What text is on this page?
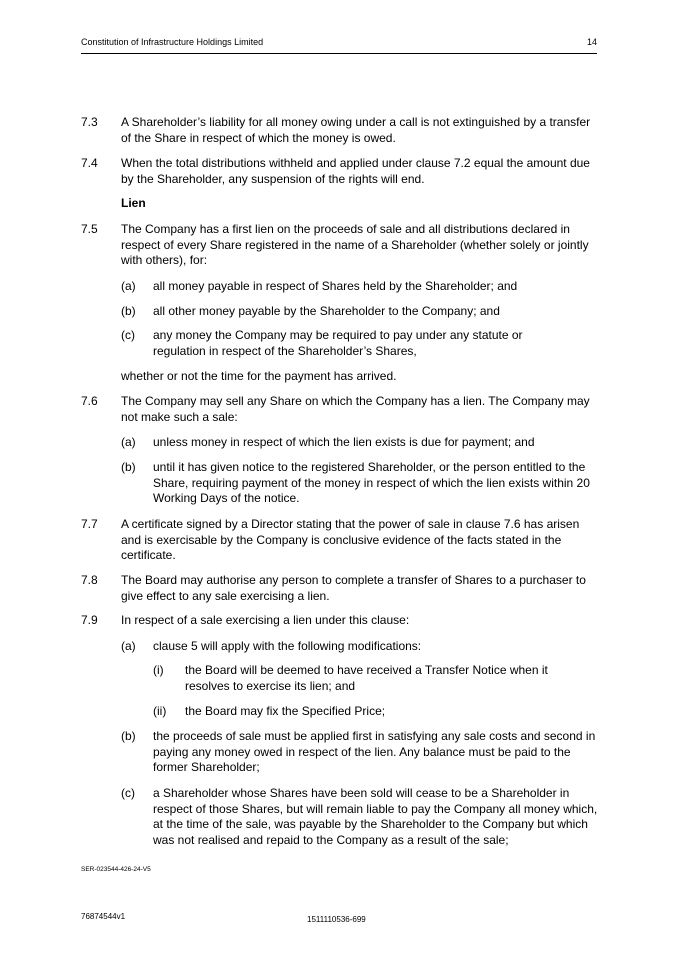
Constitution of Infrastructure Holdings Limited	14
7.3 A Shareholder’s liability for all money owing under a call is not extinguished by a transfer of the Share in respect of which the money is owed.
7.4 When the total distributions withheld and applied under clause 7.2 equal the amount due by the Shareholder, any suspension of the rights will end.
Lien
7.5 The Company has a first lien on the proceeds of sale and all distributions declared in respect of every Share registered in the name of a Shareholder (whether solely or jointly with others), for:
(a) all money payable in respect of Shares held by the Shareholder; and
(b) all other money payable by the Shareholder to the Company; and
(c) any money the Company may be required to pay under any statute or regulation in respect of the Shareholder’s Shares,
whether or not the time for the payment has arrived.
7.6 The Company may sell any Share on which the Company has a lien. The Company may not make such a sale:
(a) unless money in respect of which the lien exists is due for payment; and
(b) until it has given notice to the registered Shareholder, or the person entitled to the Share, requiring payment of the money in respect of which the lien exists within 20 Working Days of the notice.
7.7 A certificate signed by a Director stating that the power of sale in clause 7.6 has arisen and is exercisable by the Company is conclusive evidence of the facts stated in the certificate.
7.8 The Board may authorise any person to complete a transfer of Shares to a purchaser to give effect to any sale exercising a lien.
7.9 In respect of a sale exercising a lien under this clause:
(a) clause 5 will apply with the following modifications:
(i) the Board will be deemed to have received a Transfer Notice when it resolves to exercise its lien; and
(ii) the Board may fix the Specified Price;
(b) the proceeds of sale must be applied first in satisfying any sale costs and second in paying any money owed in respect of the lien. Any balance must be paid to the former Shareholder;
(c) a Shareholder whose Shares have been sold will cease to be a Shareholder in respect of those Shares, but will remain liable to pay the Company all money which, at the time of the sale, was payable by the Shareholder to the Company but which was not realised and repaid to the Company as a result of the sale;
SER-023544-426-24-V5
76874544v1	1511110536-699
